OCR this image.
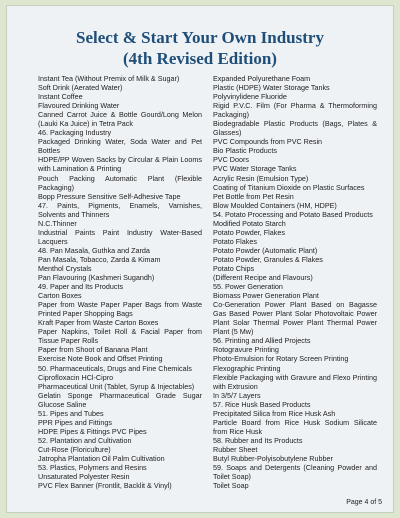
Select & Start Your Own Industry
(4th Revised Edition)

Instant Tea (Without Premix of Milk & Sugar)

Soft Drink (Aerated Water)

Instant Coffee

Flavoured Drinking Water

Canned Carrot Juice & Bottle Gourd/Long Melon (Lauki Ka Juice) in Tetra Pack

46. Packaging Industry

Packaged Drinking Water, Soda Water and Pet Bottles

HDPE/PP Woven Sacks by Circular & Plain Looms with Lamination & Printing

Pouch Packing Automatic Plant (Flexible Packaging)

Bopp Pressure Sensitive Self-Adhesive Tape

47. Paints, Pigments, Enamels, Varnishes, Solvents and Thinners

N.C.Thinner

Industrial Paints Paint Industry Water-Based Lacquers

48. Pan Masala, Guthka and Zarda

Pan Masala, Tobacco, Zarda & Kimam

Menthol Crystals

Pan Flavouring (Kashmeri Sugandh)

49. Paper and Its Products

Carton Boxes

Paper from Waste Paper Paper Bags from Waste Printed Paper Shopping Bags

Kraft Paper from Waste Carton Boxes

Paper Napkins, Toilet Roll & Facial Paper from Tissue Paper Rolls

Paper from Shoot of Banana Plant

Exercise Note Book and Offset Printing

50. Pharmaceuticals, Drugs and Fine Chemicals

Ciprofloxacin HCl-Cipro

Pharmaceutical Unit (Tablet, Syrup & Injectables)

Gelatin Sponge Pharmaceutical Grade Sugar Glucose Saline

51. Pipes and Tubes

PPR Pipes and Fittings

HDPE Pipes & Fittings PVC Pipes

52. Plantation and Cultivation

Cut-Rose (Floriculture)

Jatropha Plantation Oil Palm Cultivation

53. Plastics, Polymers and Resins

Unsaturated Polyester Resin

PVC Flex Banner (Frontlit, Backlit & Vinyl)

Expanded Polyurethane Foam

Plastic (HDPE) Water Storage Tanks

Polyvinylidene Fluoride

Rigid P.V.C. Film (For Pharma & Thermoforming Packaging)

Biodegradable Plastic Products (Bags, Plates & Glasses)

PVC Compounds from PVC Resin

Bio Plastic Products

PVC Doors

PVC Water Storage Tanks

Acrylic Resin (Emulsion Type)

Coating of Titanium Dioxide on Plastic Surfaces

Pet Bottle from Pet Resin

Blow Moulded Containers (HM, HDPE)

54. Potato Processing and Potato Based Products

Modified Potato Starch

Potato Powder, Flakes

Potato Flakes

Potato Powder (Automatic Plant)

Potato Powder, Granules & Flakes

Potato Chips

(Different Recipe and Flavours)

55. Power Generation

Biomass Power Generation Plant

Co-Generation Power Plant Based on Bagasse Gas Based Power Plant Solar Photovoltaic Power Plant Solar Thermal Power Plant Thermal Power Plant (5 Mw)

56. Printing and Allied Projects

Rotogravure Printing

Photo-Emulsion for Rotary Screen Printing

Flexographic Printing

Flexible Packaging with Gravure and Flexo Printing with Extrusion

In 3/5/7 Layers

57. Rice Husk Based Products

Precipitated Silica from Rice Husk Ash

Particle Board from Rice Husk Sodium Silicate from Rice Husk

58. Rubber and Its Products

Rubber Sheet

Butyl Rubber-Polyisobutylene Rubber

59. Soaps and Detergents (Cleaning Powder and Toilet Soap)

Toilet Soap

Page 4 of 5
